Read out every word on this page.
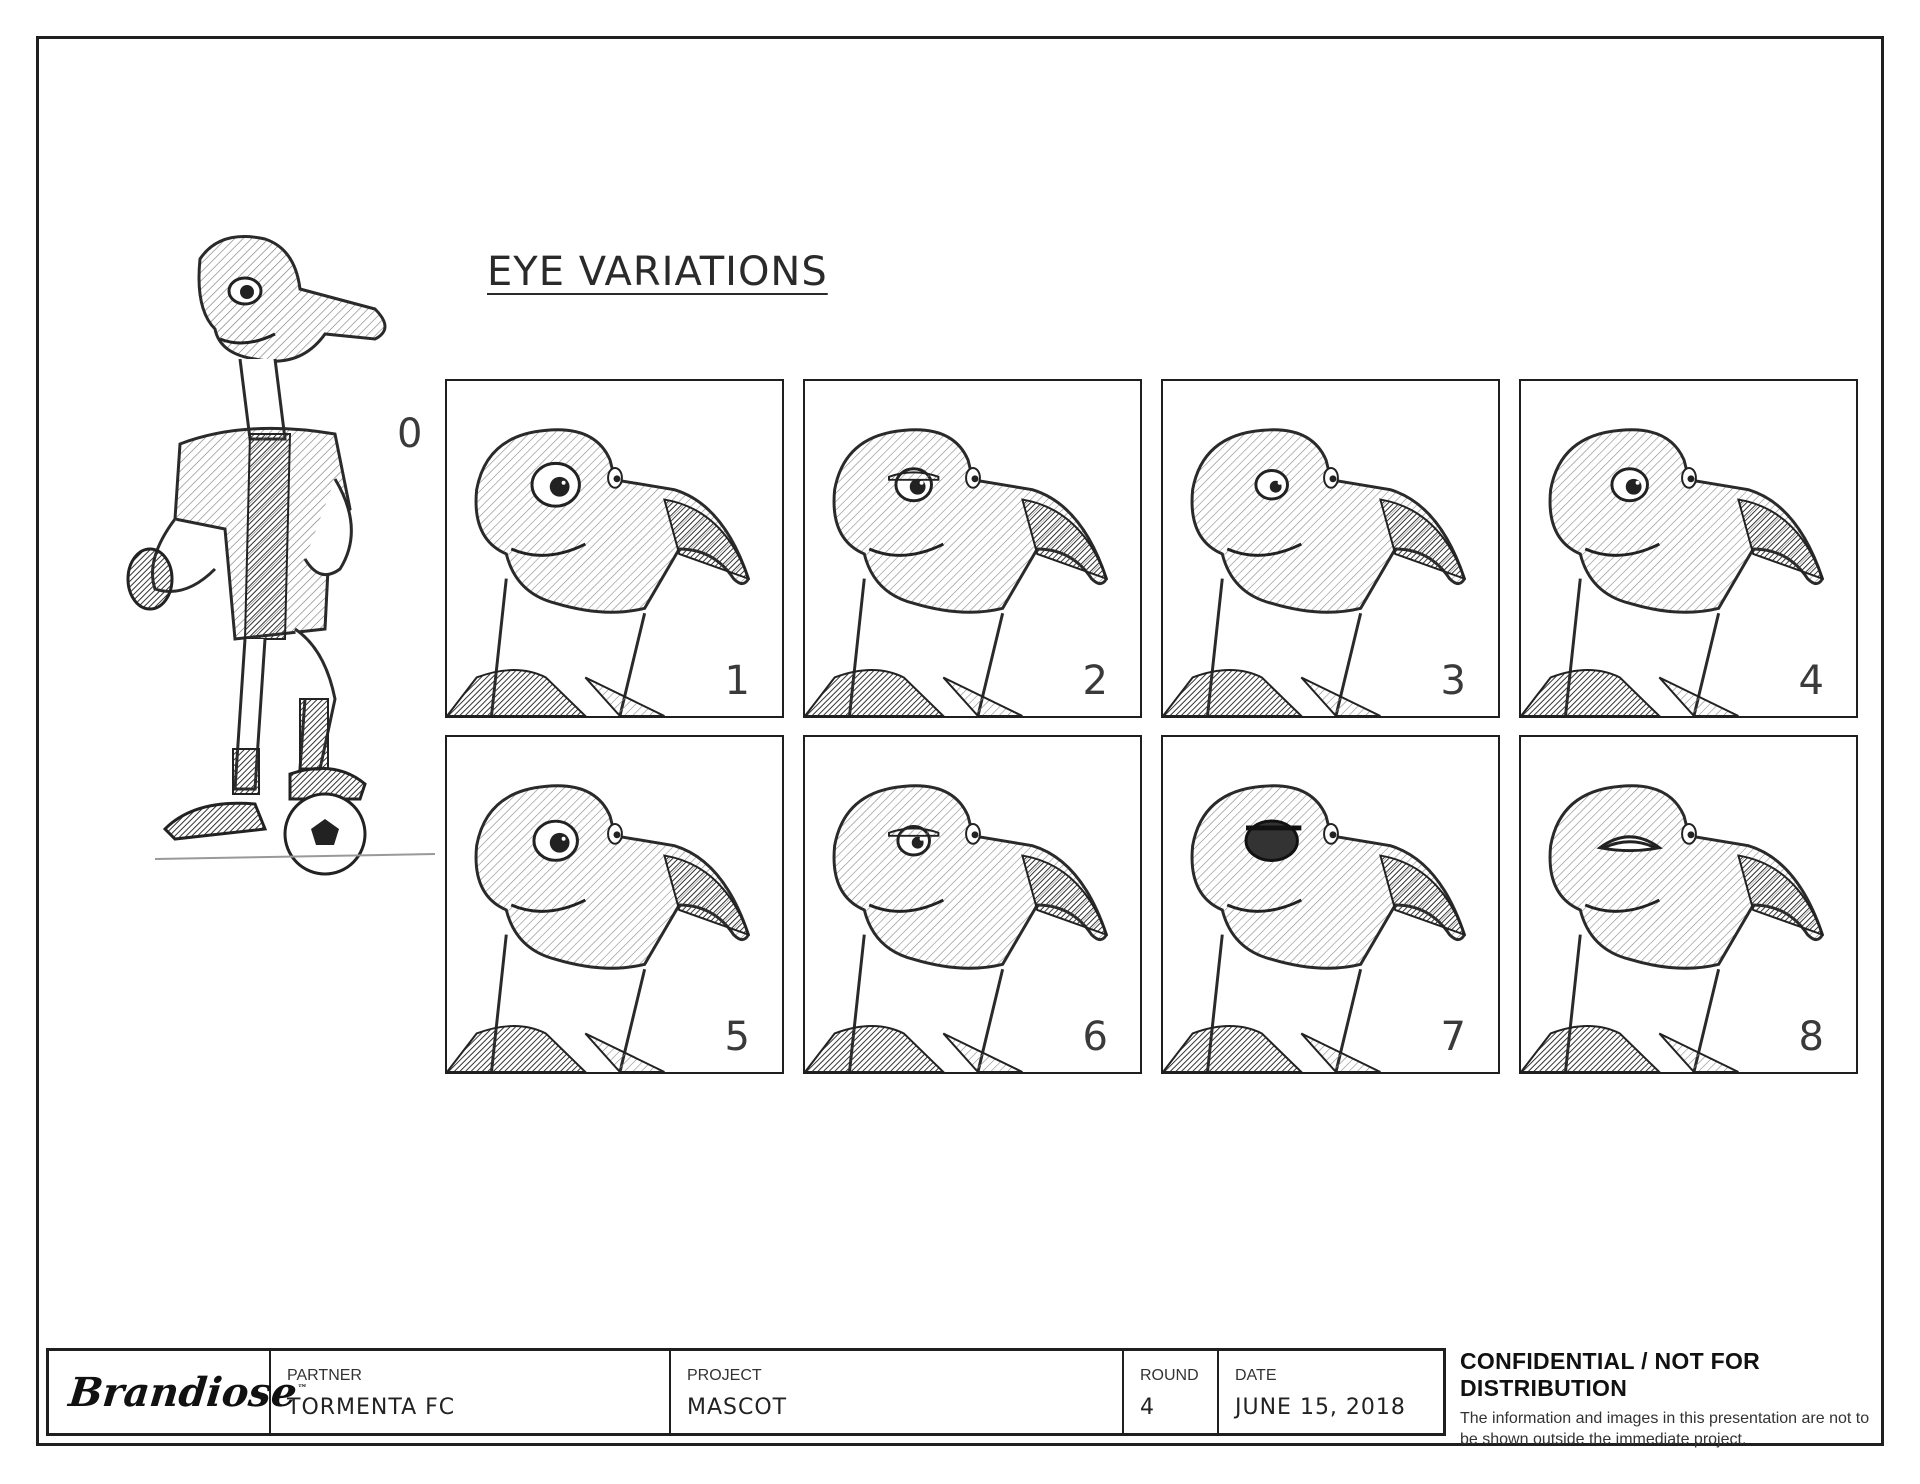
EYE VARIATIONS
0
1	2	3	4
5	6	7	8
Brandiose™
PARTNER
TORMENTA FC
PROJECT
MASCOT
ROUND
4
DATE
JUNE 15, 2018
CONFIDENTIAL / NOT FOR DISTRIBUTION
The information and images in this presentation are not to be shown outside the immediate project.
